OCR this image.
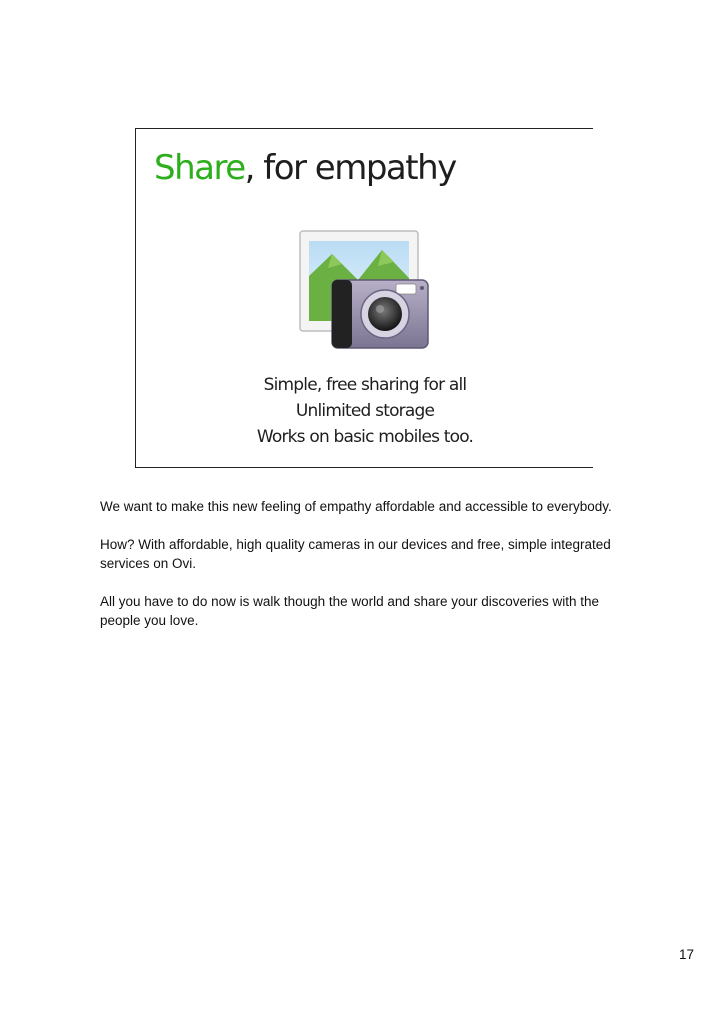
Share, for empathy
Simple, free sharing for all
Unlimited storage
Works on basic mobiles too.

We want to make this new feeling of empathy affordable and accessible to everybody.

How? With affordable, high quality cameras in our devices and free, simple integrated services on Ovi.

All you have to do now is walk though the world and share your discoveries with the people you love.

17
